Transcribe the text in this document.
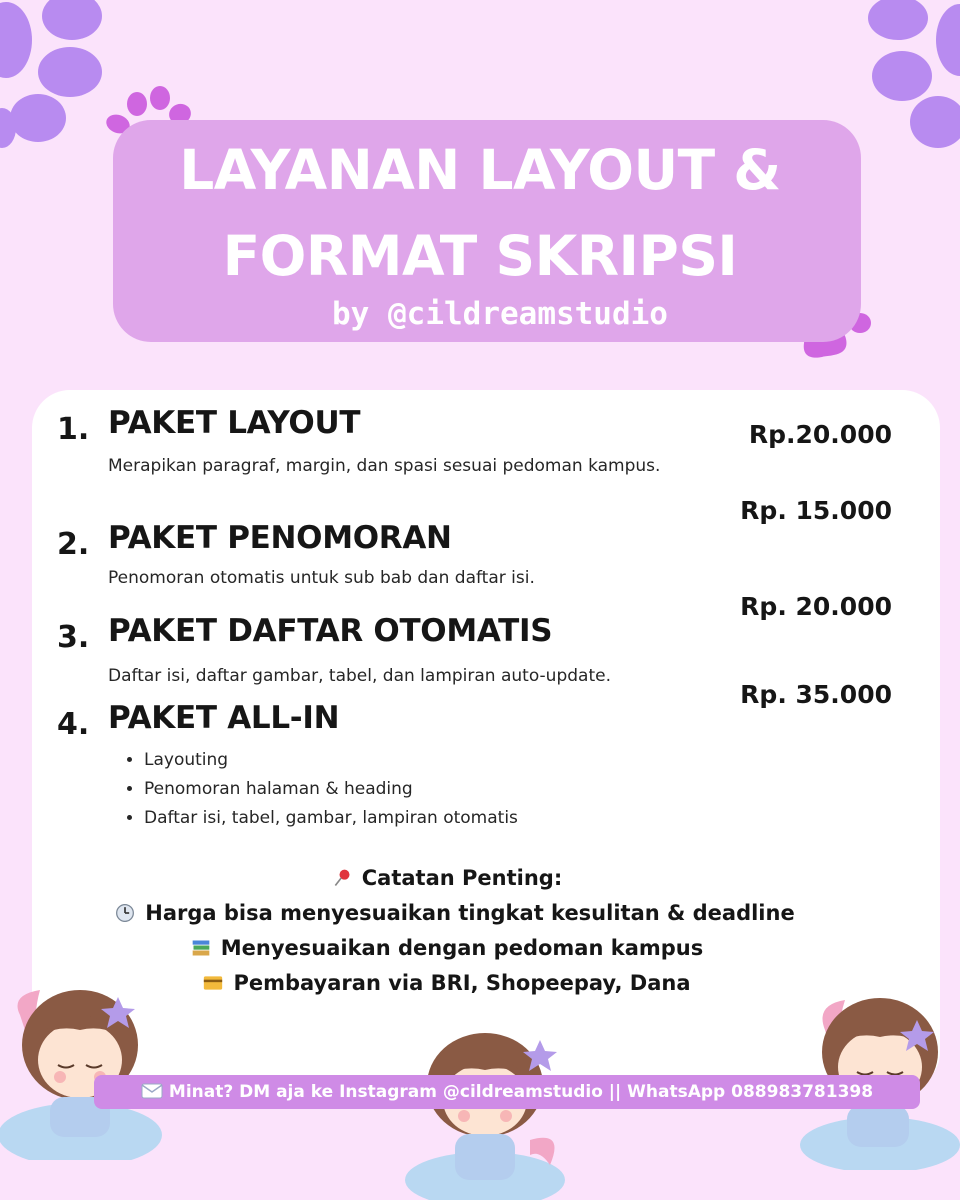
LAYANAN LAYOUT &
FORMAT SKRIPSI
by @cildreamstudio
1. PAKET LAYOUT
Merapikan paragraf, margin, dan spasi sesuai pedoman kampus.
Rp.20.000
2. PAKET PENOMORAN
Penomoran otomatis untuk sub bab dan daftar isi.
Rp. 15.000
3. PAKET DAFTAR OTOMATIS
Daftar isi, daftar gambar, tabel, dan lampiran auto-update.
Rp. 20.000
4. PAKET ALL-IN
Rp. 35.000
• Layouting
• Penomoran halaman & heading
• Daftar isi, tabel, gambar, lampiran otomatis
Catatan Penting:
Harga bisa menyesuaikan tingkat kesulitan & deadline
Menyesuaikan dengan pedoman kampus
Pembayaran via BRI, Shopeepay, Dana
Minat? DM aja ke Instagram @cildreamstudio || WhatsApp 088983781398
